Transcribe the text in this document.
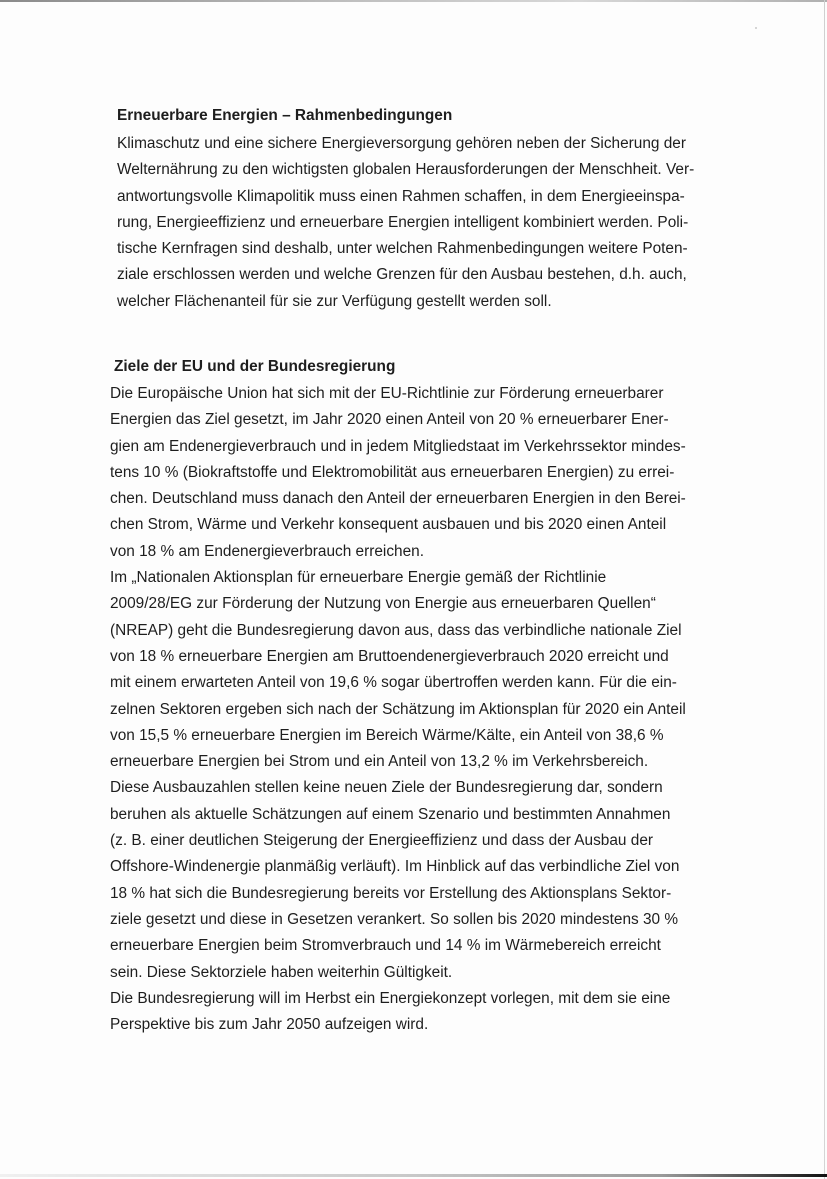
Erneuerbare Energien – Rahmenbedingungen
Klimaschutz und eine sichere Energieversorgung gehören neben der Sicherung der
Welternährung zu den wichtigsten globalen Herausforderungen der Menschheit. Ver-
antwortungsvolle Klimapolitik muss einen Rahmen schaffen, in dem Energieeinspa-
rung, Energieeffizienz und erneuerbare Energien intelligent kombiniert werden. Poli-
tische Kernfragen sind deshalb, unter welchen Rahmenbedingungen weitere Poten-
ziale erschlossen werden und welche Grenzen für den Ausbau bestehen, d.h. auch,
welcher Flächenanteil für sie zur Verfügung gestellt werden soll.
Ziele der EU und der Bundesregierung
Die Europäische Union hat sich mit der EU-Richtlinie zur Förderung erneuerbarer
Energien das Ziel gesetzt, im Jahr 2020 einen Anteil von 20 % erneuerbarer Ener-
gien am Endenergieverbrauch und in jedem Mitgliedstaat im Verkehrssektor mindes-
tens 10 % (Biokraftstoffe und Elektromobilität aus erneuerbaren Energien) zu errei-
chen. Deutschland muss danach den Anteil der erneuerbaren Energien in den Berei-
chen Strom, Wärme und Verkehr konsequent ausbauen und bis 2020 einen Anteil
von 18 % am Endenergieverbrauch erreichen.
Im „Nationalen Aktionsplan für erneuerbare Energie gemäß der Richtlinie
2009/28/EG zur Förderung der Nutzung von Energie aus erneuerbaren Quellen“
(NREAP) geht die Bundesregierung davon aus, dass das verbindliche nationale Ziel
von 18 % erneuerbare Energien am Bruttoendenergieverbrauch 2020 erreicht und
mit einem erwarteten Anteil von 19,6 % sogar übertroffen werden kann. Für die ein-
zelnen Sektoren ergeben sich nach der Schätzung im Aktionsplan für 2020 ein Anteil
von 15,5 % erneuerbare Energien im Bereich Wärme/Kälte, ein Anteil von 38,6 %
erneuerbare Energien bei Strom und ein Anteil von 13,2 % im Verkehrsbereich.
Diese Ausbauzahlen stellen keine neuen Ziele der Bundesregierung dar, sondern
beruhen als aktuelle Schätzungen auf einem Szenario und bestimmten Annahmen
(z. B. einer deutlichen Steigerung der Energieeffizienz und dass der Ausbau der
Offshore-Windenergie planmäßig verläuft). Im Hinblick auf das verbindliche Ziel von
18 % hat sich die Bundesregierung bereits vor Erstellung des Aktionsplans Sektor-
ziele gesetzt und diese in Gesetzen verankert. So sollen bis 2020 mindestens 30 %
erneuerbare Energien beim Stromverbrauch und 14 % im Wärmebereich erreicht
sein. Diese Sektorziele haben weiterhin Gültigkeit.
Die Bundesregierung will im Herbst ein Energiekonzept vorlegen, mit dem sie eine
Perspektive bis zum Jahr 2050 aufzeigen wird.
